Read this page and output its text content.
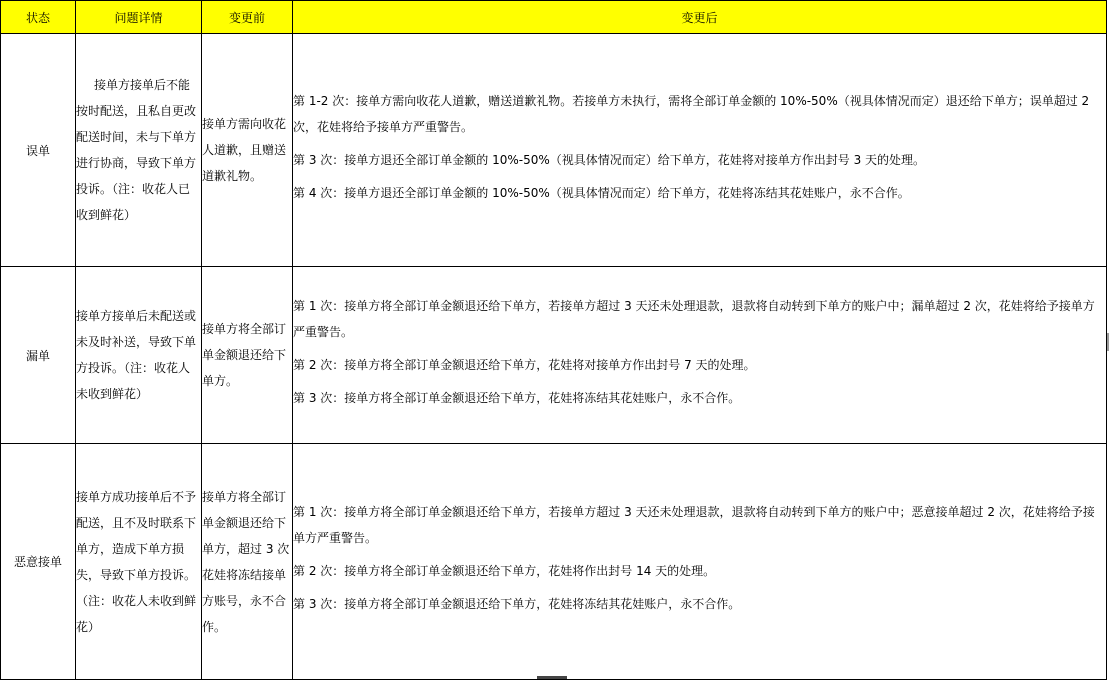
状态	问题详情	变更前	变更后
误单	接单方接单后不能按时配送，且私自更改配送时间，未与下单方进行协商，导致下单方投诉。（注：收花人已收到鲜花）	接单方需向收花人道歉，且赠送道歉礼物。	第 1-2 次：接单方需向收花人道歉，赠送道歉礼物。若接单方未执行，需将全部订单金额的 10%-50%（视具体情况而定）退还给下单方；误单超过 2 次，花娃将给予接单方严重警告。
第 3 次：接单方退还全部订单金额的 10%-50%（视具体情况而定）给下单方，花娃将对接单方作出封号 3 天的处理。
第 4 次：接单方退还全部订单金额的 10%-50%（视具体情况而定）给下单方，花娃将冻结其花娃账户，永不合作。

漏单	接单方接单后未配送或未及时补送，导致下单方投诉。（注：收花人未收到鲜花）	接单方将全部订单金额退还给下单方。	第 1 次：接单方将全部订单金额退还给下单方，若接单方超过 3 天还未处理退款，退款将自动转到下单方的账户中；漏单超过 2 次，花娃将给予接单方严重警告。
第 2 次：接单方将全部订单金额退还给下单方，花娃将对接单方作出封号 7 天的处理。
第 3 次：接单方将全部订单金额退还给下单方，花娃将冻结其花娃账户，永不合作。

恶意接单	接单方成功接单后不予配送，且不及时联系下单方，造成下单方损失，导致下单方投诉。（注：收花人未收到鲜花）	接单方将全部订单金额退还给下单方，超过 3 次花娃将冻结接单方账号，永不合作。	第 1 次：接单方将全部订单金额退还给下单方，若接单方超过 3 天还未处理退款，退款将自动转到下单方的账户中；恶意接单超过 2 次，花娃将给予接单方严重警告。
第 2 次：接单方将全部订单金额退还给下单方，花娃将作出封号 14 天的处理。
第 3 次：接单方将全部订单金额退还给下单方，花娃将冻结其花娃账户，永不合作。
